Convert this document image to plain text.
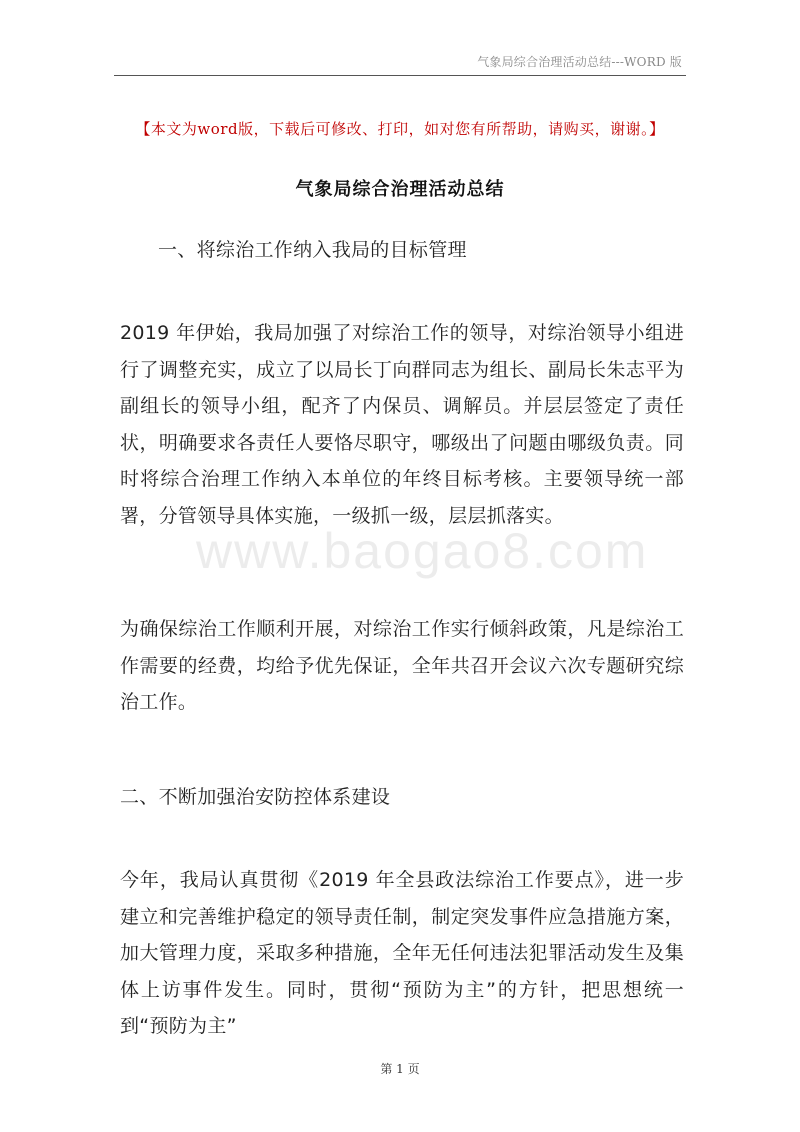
气象局综合治理活动总结---WORD 版
【本文为word版，下载后可修改、打印，如对您有所帮助，请购买，谢谢。】
气象局综合治理活动总结

一、将综治工作纳入我局的目标管理

2019 年伊始，我局加强了对综治工作的领导，对综治领导小组进行了调整充实，成立了以局长丁向群同志为组长、副局长朱志平为副组长的领导小组，配齐了内保员、调解员。并层层签定了责任状，明确要求各责任人要恪尽职守，哪级出了问题由哪级负责。同时将综合治理工作纳入本单位的年终目标考核。主要领导统一部署，分管领导具体实施，一级抓一级，层层抓落实。

www.baogao8.com

为确保综治工作顺利开展，对综治工作实行倾斜政策，凡是综治工作需要的经费，均给予优先保证，全年共召开会议六次专题研究综治工作。

二、不断加强治安防控体系建设

今年，我局认真贯彻《2019 年全县政法综治工作要点》，进一步建立和完善维护稳定的领导责任制，制定突发事件应急措施方案，加大管理力度，采取多种措施，全年无任何违法犯罪活动发生及集体上访事件发生。同时，贯彻“预防为主”的方针，把思想统一到“预防为主”

第 1 页
